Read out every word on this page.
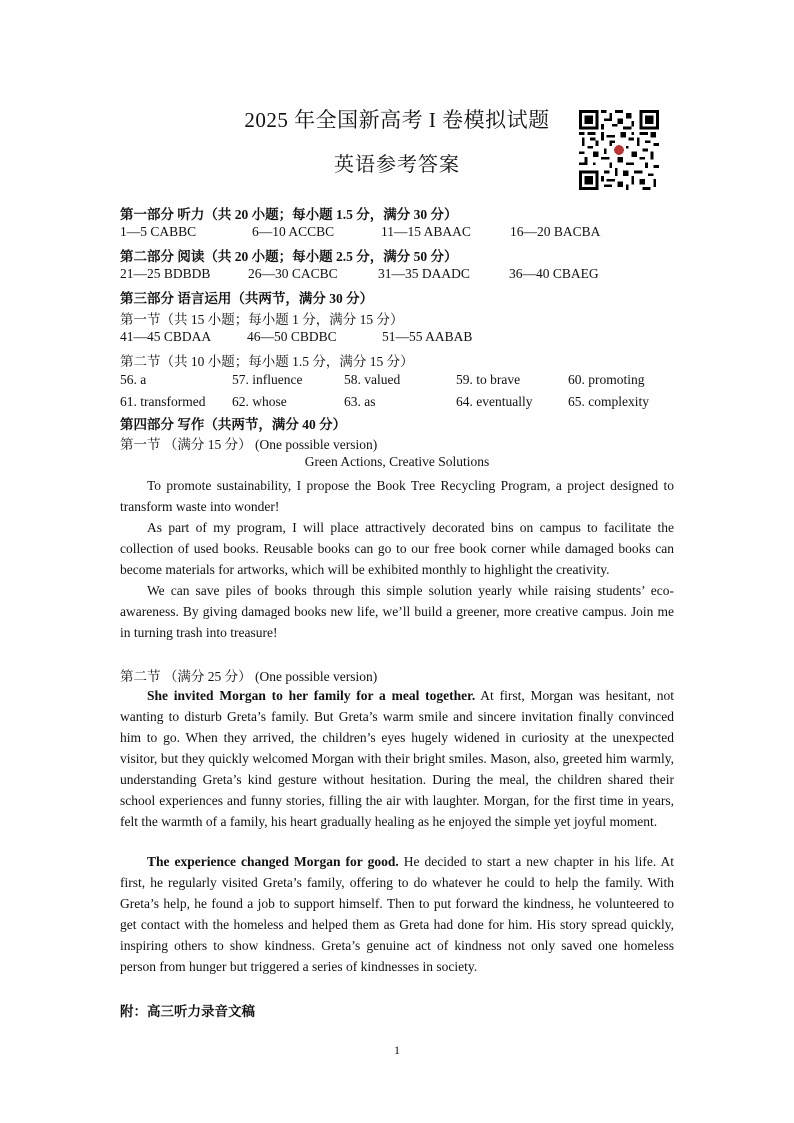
2025 年全国新高考 I 卷模拟试题
英语参考答案
第一部分 听力（共 20 小题；每小题 1.5 分，满分 30 分）
1—5 CABBC	6—10 ACCBC	11—15 ABAAC	16—20 BACBA
第二部分 阅读（共 20 小题；每小题 2.5 分，满分 50 分）
21—25 BDBDB	26—30 CACBC	31—35 DAADC	36—40 CBAEG
第三部分 语言运用（共两节，满分 30 分）
第一节（共 15 小题；每小题 1 分，满分 15 分）
41—45 CBDAA	46—50 CBDBC	51—55 AABAB
第二节（共 10 小题；每小题 1.5 分，满分 15 分）
56. a	57. influence	58. valued	59. to brave	60. promoting
61. transformed 62. whose	63. as	64. eventually	65. complexity
第四部分 写作（共两节，满分 40 分）
第一节 （满分 15 分） (One possible version)
Green Actions, Creative Solutions

To promote sustainability, I propose the Book Tree Recycling Program, a project designed to transform waste into wonder!

As part of my program, I will place attractively decorated bins on campus to facilitate the collection of used books. Reusable books can go to our free book corner while damaged books can become materials for artworks, which will be exhibited monthly to highlight the creativity.

We can save piles of books through this simple solution yearly while raising students’ eco-awareness. By giving damaged books new life, we’ll build a greener, more creative campus. Join me in turning trash into treasure!

第二节 （满分 25 分） (One possible version)

She invited Morgan to her family for a meal together. At first, Morgan was hesitant, not wanting to disturb Greta’s family. But Greta’s warm smile and sincere invitation finally convinced him to go. When they arrived, the children’s eyes hugely widened in curiosity at the unexpected visitor, but they quickly welcomed Morgan with their bright smiles. Mason, also, greeted him warmly, understanding Greta’s kind gesture without hesitation. During the meal, the children shared their school experiences and funny stories, filling the air with laughter. Morgan, for the first time in years, felt the warmth of a family, his heart gradually healing as he enjoyed the simple yet joyful moment.

The experience changed Morgan for good. He decided to start a new chapter in his life. At first, he regularly visited Greta’s family, offering to do whatever he could to help the family. With Greta’s help, he found a job to support himself. Then to put forward the kindness, he volunteered to get contact with the homeless and helped them as Greta had done for him. His story spread quickly, inspiring others to show kindness. Greta’s genuine act of kindness not only saved one homeless person from hunger but triggered a series of kindnesses in society.

附：高三听力录音文稿
1
